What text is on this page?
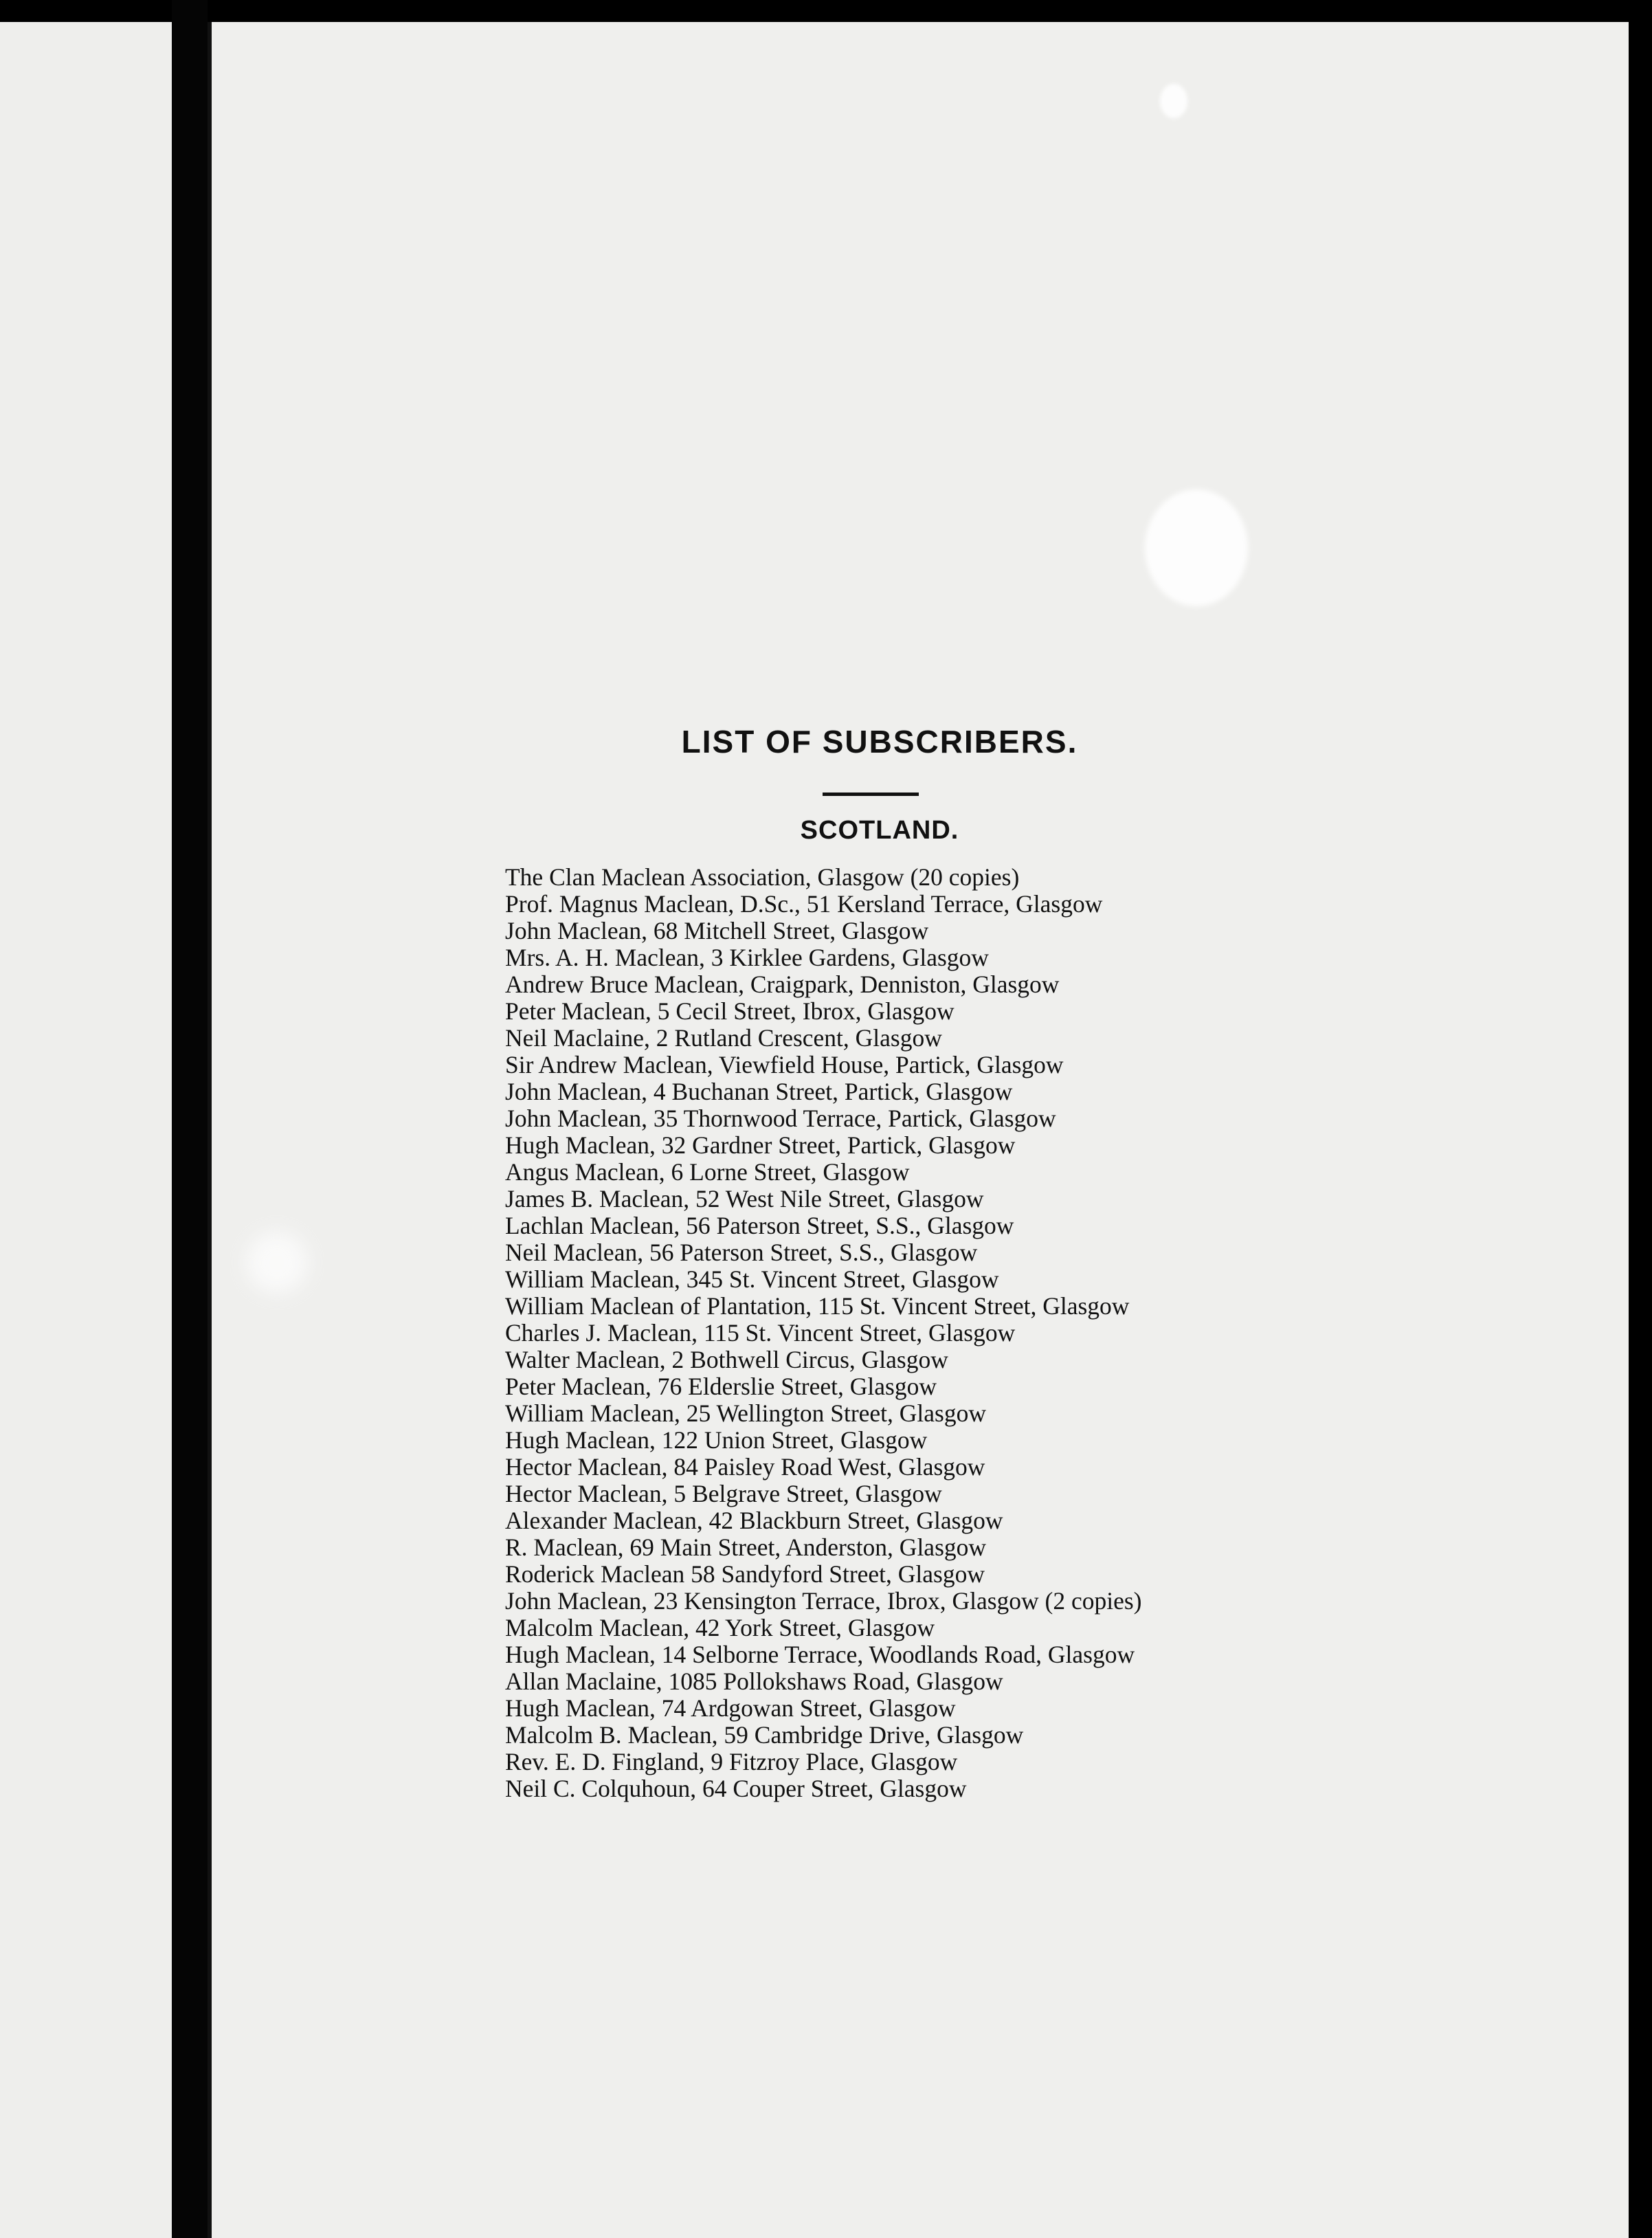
LIST OF SUBSCRIBERS.
SCOTLAND.
The Clan Maclean Association, Glasgow (20 copies)
Prof. Magnus Maclean, D.Sc., 51 Kersland Terrace, Glasgow
John Maclean, 68 Mitchell Street, Glasgow
Mrs. A. H. Maclean, 3 Kirklee Gardens, Glasgow
Andrew Bruce Maclean, Craigpark, Denniston, Glasgow
Peter Maclean, 5 Cecil Street, Ibrox, Glasgow
Neil Maclaine, 2 Rutland Crescent, Glasgow
Sir Andrew Maclean, Viewfield House, Partick, Glasgow
John Maclean, 4 Buchanan Street, Partick, Glasgow
John Maclean, 35 Thornwood Terrace, Partick, Glasgow
Hugh Maclean, 32 Gardner Street, Partick, Glasgow
Angus Maclean, 6 Lorne Street, Glasgow
James B. Maclean, 52 West Nile Street, Glasgow
Lachlan Maclean, 56 Paterson Street, S.S., Glasgow
Neil Maclean, 56 Paterson Street, S.S., Glasgow
William Maclean, 345 St. Vincent Street, Glasgow
William Maclean of Plantation, 115 St. Vincent Street, Glasgow
Charles J. Maclean, 115 St. Vincent Street, Glasgow
Walter Maclean, 2 Bothwell Circus, Glasgow
Peter Maclean, 76 Elderslie Street, Glasgow
William Maclean, 25 Wellington Street, Glasgow
Hugh Maclean, 122 Union Street, Glasgow
Hector Maclean, 84 Paisley Road West, Glasgow
Hector Maclean, 5 Belgrave Street, Glasgow
Alexander Maclean, 42 Blackburn Street, Glasgow
R. Maclean, 69 Main Street, Anderston, Glasgow
Roderick Maclean 58 Sandyford Street, Glasgow
John Maclean, 23 Kensington Terrace, Ibrox, Glasgow (2 copies)
Malcolm Maclean, 42 York Street, Glasgow
Hugh Maclean, 14 Selborne Terrace, Woodlands Road, Glasgow
Allan Maclaine, 1085 Pollokshaws Road, Glasgow
Hugh Maclean, 74 Ardgowan Street, Glasgow
Malcolm B. Maclean, 59 Cambridge Drive, Glasgow
Rev. E. D. Fingland, 9 Fitzroy Place, Glasgow
Neil C. Colquhoun, 64 Couper Street, Glasgow
